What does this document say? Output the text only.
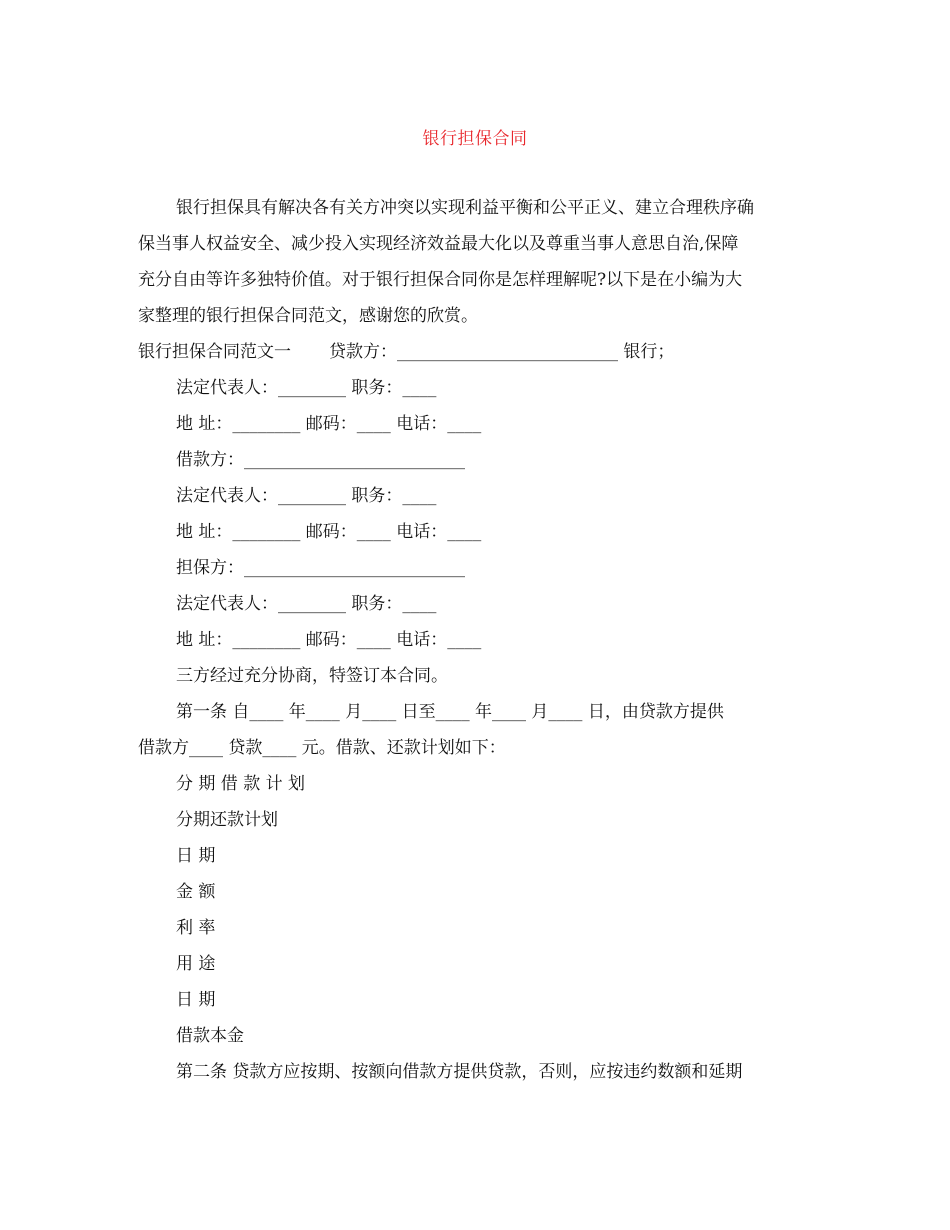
银行担保合同
银行担保具有解决各有关方冲突以实现利益平衡和公平正义、建立合理秩序确
保当事人权益安全、减少投入实现经济效益最大化以及尊重当事人意思自治,保障
充分自由等许多独特价值。对于银行担保合同你是怎样理解呢?以下是在小编为大
家整理的银行担保合同范文，感谢您的欣赏。
银行担保合同范文一 贷款方：__________________________ 银行；
法定代表人：________ 职务：____
地 址：________ 邮码：____ 电话：____
借款方：__________________________
法定代表人：________ 职务：____
地 址：________ 邮码：____ 电话：____
担保方：__________________________
法定代表人：________ 职务：____
地 址：________ 邮码：____ 电话：____
三方经过充分协商，特签订本合同。
第一条 自____ 年____ 月____ 日至____ 年____ 月____ 日，由贷款方提供
借款方____ 贷款____ 元。借款、还款计划如下：
分 期 借 款 计 划
分期还款计划
日 期
金 额
利 率
用 途
日 期
借款本金
第二条 贷款方应按期、按额向借款方提供贷款，否则，应按违约数额和延期
